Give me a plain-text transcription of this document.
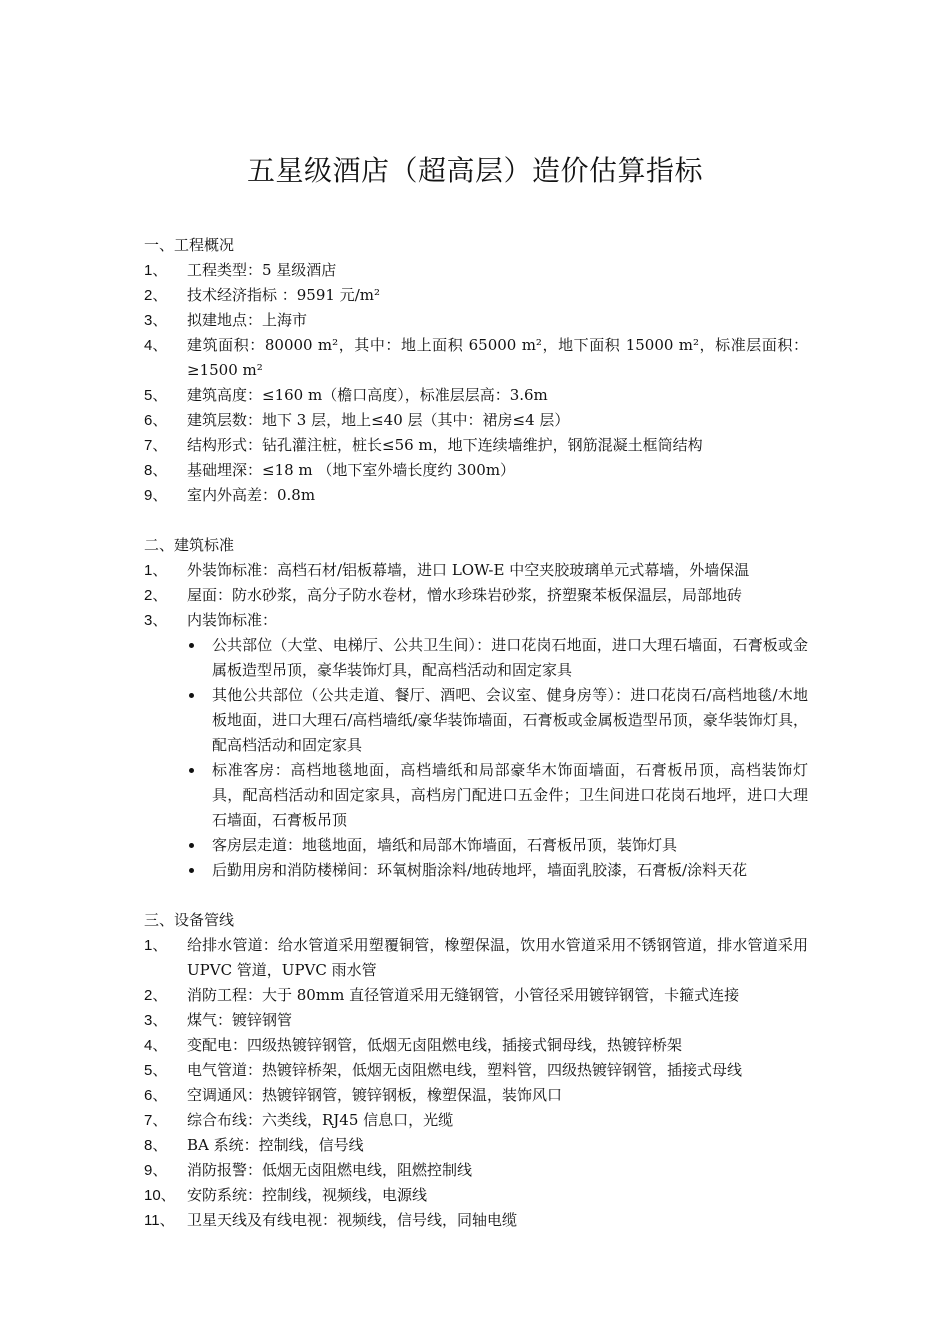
五星级酒店（超高层）造价估算指标
一、工程概况
1、	工程类型：5 星级酒店
2、	技术经济指标 ：9591 元/m²
3、	拟建地点：上海市
4、	建筑面积：80000 m²，其中：地上面积 65000 m²，地下面积 15000 m²，标准层面积：≥1500 m²
5、	建筑高度：≤160 m（檐口高度），标准层层高：3.6m
6、	建筑层数：地下 3 层，地上≤40 层（其中：裙房≤4 层）
7、	结构形式：钻孔灌注桩，桩长≤56 m，地下连续墙维护，钢筋混凝土框筒结构
8、	基础埋深：≤18 m （地下室外墙长度约 300m）
9、	室内外高差：0.8m
二、建筑标准
1、	外装饰标准：高档石材/铝板幕墙，进口 LOW-E 中空夹胶玻璃单元式幕墙，外墙保温
2、	屋面：防水砂浆，高分子防水卷材，憎水珍珠岩砂浆，挤塑聚苯板保温层，局部地砖
3、	内装饰标准：
公共部位（大堂、电梯厅、公共卫生间）：进口花岗石地面，进口大理石墙面，石膏板或金属板造型吊顶，豪华装饰灯具，配高档活动和固定家具
其他公共部位（公共走道、餐厅、酒吧、会议室、健身房等）：进口花岗石/高档地毯/木地板地面，进口大理石/高档墙纸/豪华装饰墙面，石膏板或金属板造型吊顶，豪华装饰灯具，配高档活动和固定家具
标准客房：高档地毯地面，高档墙纸和局部豪华木饰面墙面，石膏板吊顶，高档装饰灯具，配高档活动和固定家具，高档房门配进口五金件；卫生间进口花岗石地坪，进口大理石墙面，石膏板吊顶
客房层走道：地毯地面，墙纸和局部木饰墙面，石膏板吊顶，装饰灯具
后勤用房和消防楼梯间：环氧树脂涂料/地砖地坪，墙面乳胶漆，石膏板/涂料天花
三、设备管线
1、	给排水管道：给水管道采用塑覆铜管，橡塑保温，饮用水管道采用不锈钢管道，排水管道采用 UPVC 管道，UPVC 雨水管
2、	消防工程：大于 80mm 直径管道采用无缝钢管，小管径采用镀锌钢管，卡箍式连接
3、	煤气：镀锌钢管
4、	变配电：四级热镀锌钢管，低烟无卤阻燃电线，插接式铜母线，热镀锌桥架
5、	电气管道：热镀锌桥架，低烟无卤阻燃电线，塑料管，四级热镀锌钢管，插接式母线
6、	空调通风：热镀锌钢管，镀锌钢板，橡塑保温，装饰风口
7、	综合布线：六类线，RJ45 信息口，光缆
8、	BA 系统：控制线，信号线
9、	消防报警：低烟无卤阻燃电线，阻燃控制线
10、 安防系统：控制线，视频线，电源线
11、 卫星天线及有线电视：视频线，信号线，同轴电缆
